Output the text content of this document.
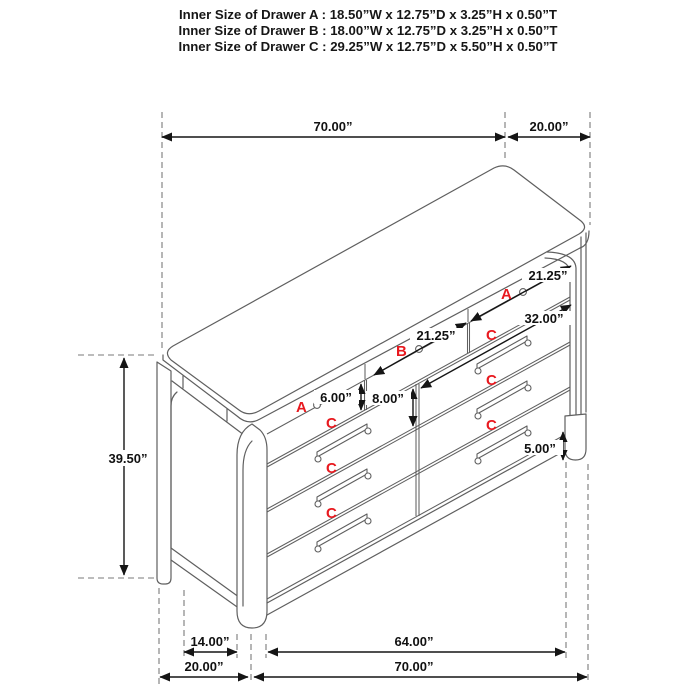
Inner Size of Drawer A : 18.50”W x 12.75”D x 3.25”H x 0.50”T
Inner Size of Drawer B : 18.00”W x 12.75”D x 3.25”H x 0.50”T
Inner Size of Drawer C : 29.25”W x 12.75”D x 5.50”H x 0.50”T
70.00”	20.00”
39.50”
14.00”	64.00”
20.00”	70.00”
5.00”
6.00” 8.00”
21.25”
21.25”
32.00”
A
B
A
C
C
C
C
C
C
